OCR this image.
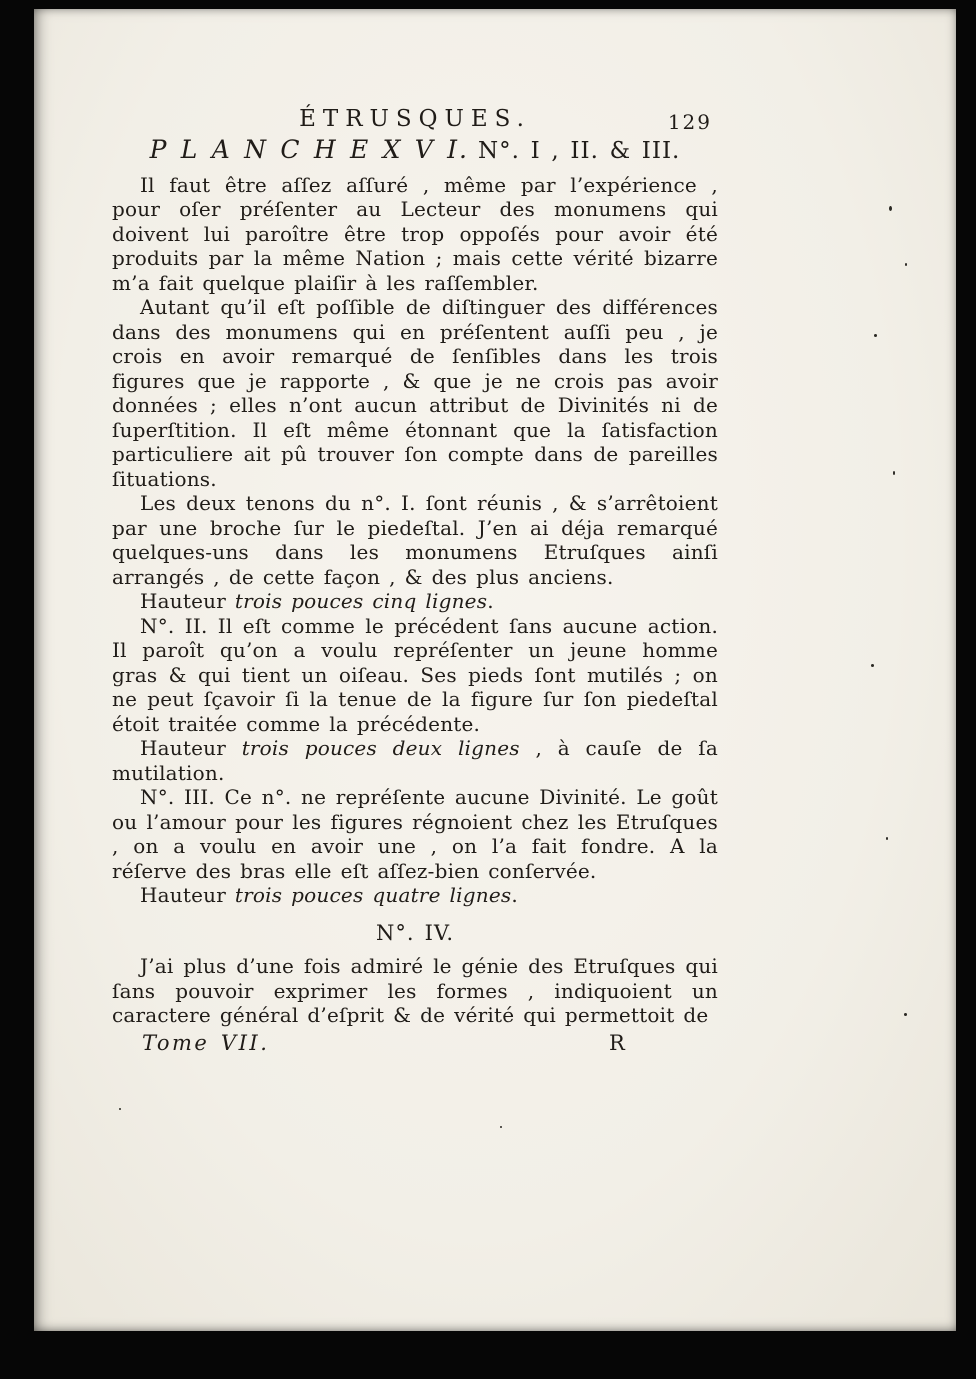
ÉTRUSQUES.	129
P L A N C H E X V I. N°. I , II. & III.

Il faut être aſſez aſſuré , même par l’expérience , pour oſer préſenter au Lecteur des monumens qui doivent lui paroître être trop oppoſés pour avoir été produits par la même Nation ; mais cette vérité bizarre m’a fait quelque plaiſir à les raſſembler.

Autant qu’il eſt poſſible de diſtinguer des différences dans des monumens qui en préſentent auſſi peu , je crois en avoir remarqué de ſenſibles dans les trois figures que je rapporte , & que je ne crois pas avoir données ; elles n’ont aucun attribut de Divinités ni de ſuperſtition. Il eſt même étonnant que la ſatisfaction particuliere ait pû trouver ſon compte dans de pareilles ſituations.

Les deux tenons du n°. I. ſont réunis , & s’arrêtoient par une broche ſur le piedeſtal. J’en ai déja remarqué quelques-uns dans les monumens Etruſques ainſi arrangés , de cette façon , & des plus anciens.

Hauteur trois pouces cinq lignes.

N°. II. Il eſt comme le précédent ſans aucune action. Il paroît qu’on a voulu repréſenter un jeune homme gras & qui tient un oiſeau. Ses pieds ſont mutilés ; on ne peut ſçavoir ſi la tenue de la figure ſur ſon piedeſtal étoit traitée comme la précédente.

Hauteur trois pouces deux lignes , à cauſe de ſa mutilation.

N°. III. Ce n°. ne repréſente aucune Divinité. Le goût ou l’amour pour les figures régnoient chez les Etruſques , on a voulu en avoir une , on l’a fait fondre. A la réſerve des bras elle eſt aſſez-bien conſervée.

Hauteur trois pouces quatre lignes.

N°. IV.

J’ai plus d’une fois admiré le génie des Etruſques qui ſans pouvoir exprimer les formes , indiquoient un caractere général d’eſprit & de vérité qui permettoit de

Tome VII.	R
